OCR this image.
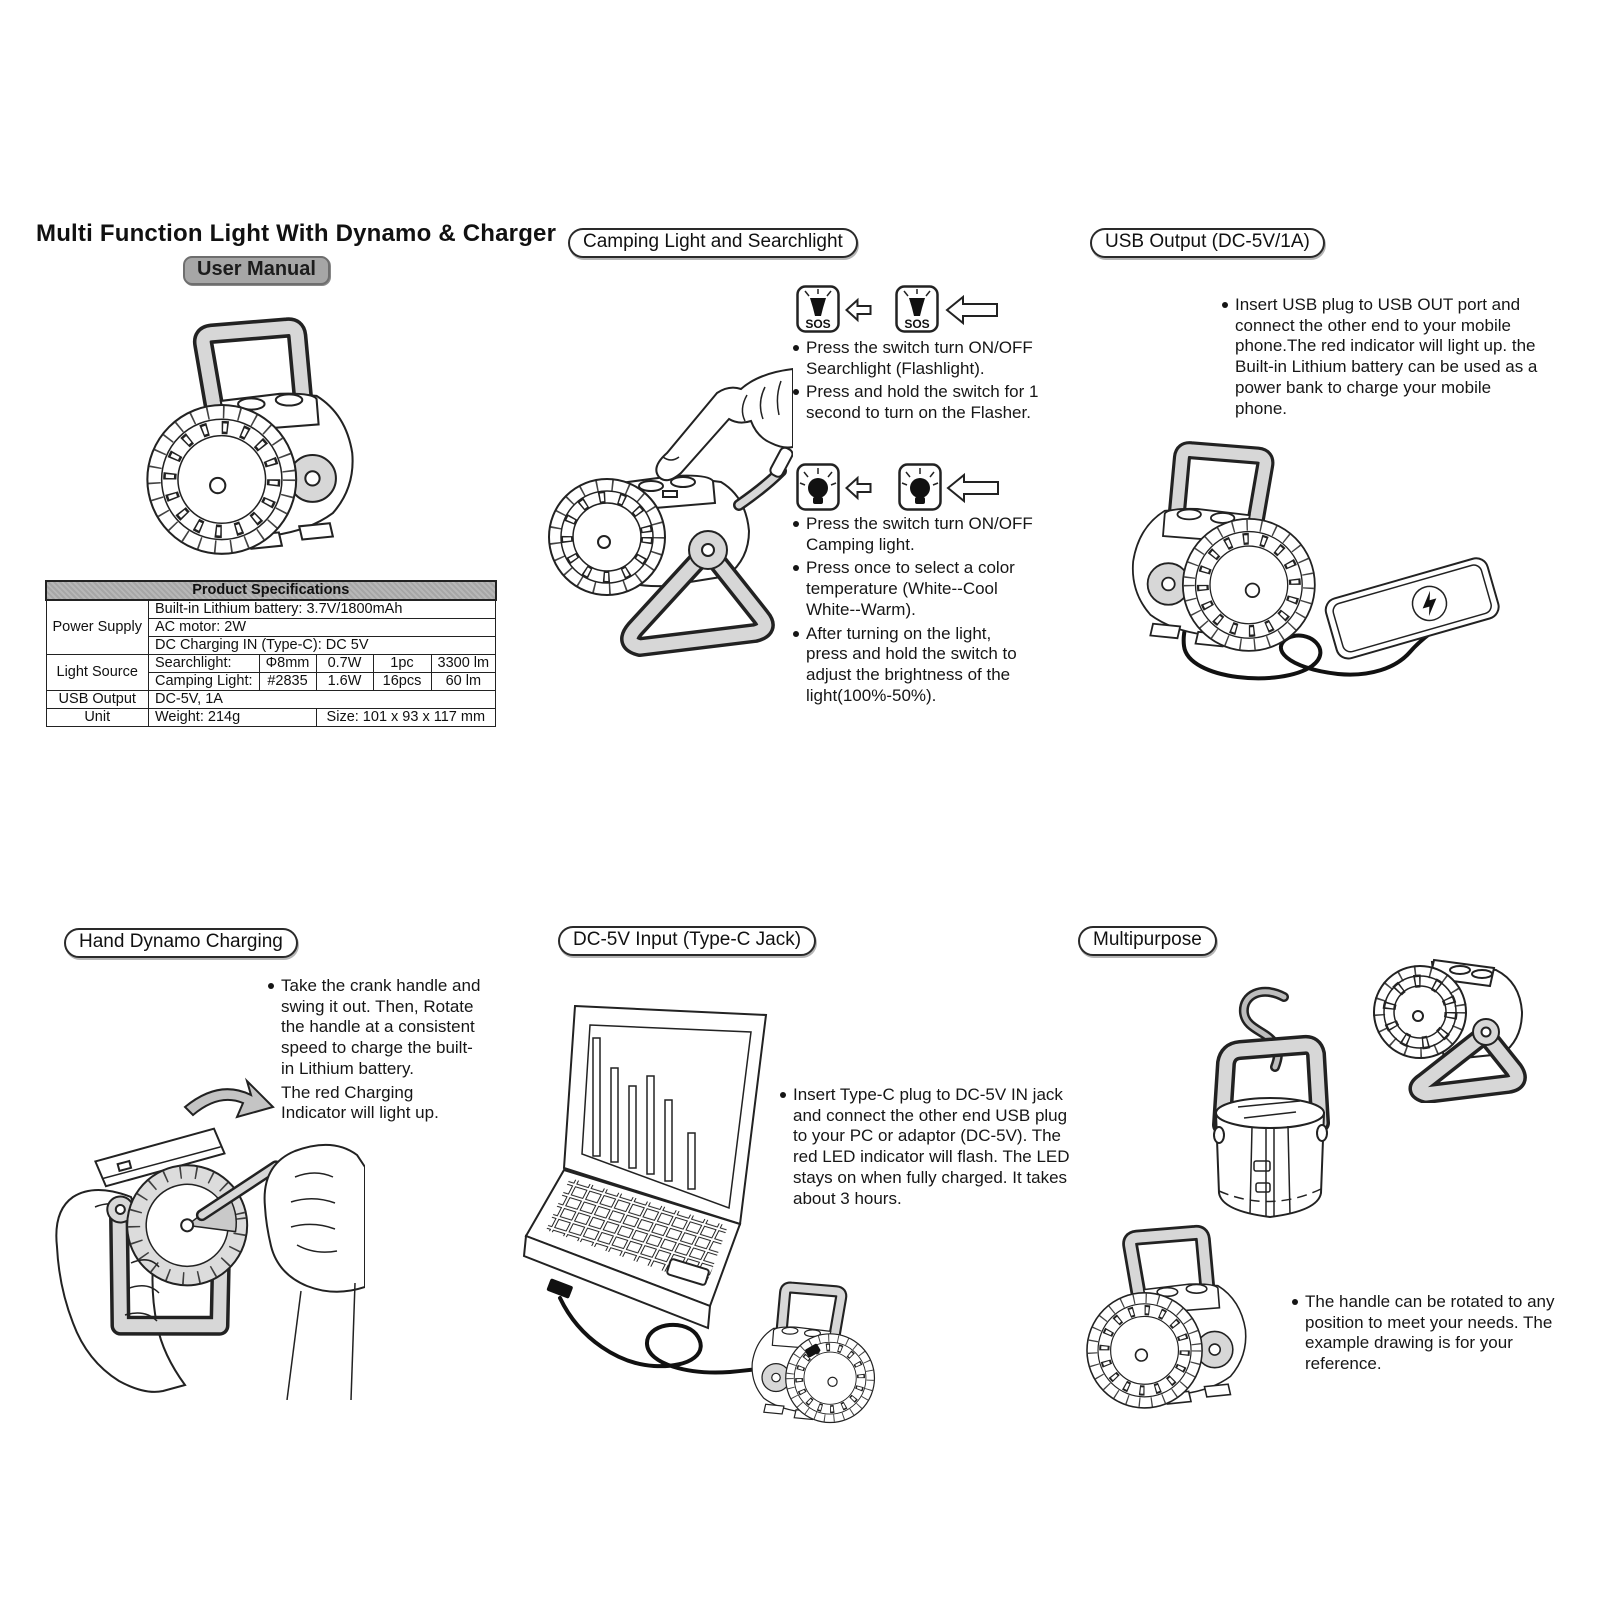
Multi Function Light With Dynamo & Charger
User Manual
Product Specifications					
Power Supply	Built-in Lithium battery: 3.7V/1800mAh				
	AC motor: 2W				
	DC Charging IN (Type-C): DC 5V				
Light Source	Searchlight:	Φ8mm	0.7W	1pc	3300 lm
	Camping Light:	#2835	1.6W	16pcs	60 lm
USB Output	DC-5V, 1A				
Unit	Weight: 214g		Size: 101 x 93 x 117 mm		
Camping Light and Searchlight
SOS	SOS
Press the switch turn ON/OFF Searchlight (Flashlight).
Press and hold the switch for 1 second to turn on the Flasher.
Press the switch turn ON/OFF Camping light.
Press once to select a color temperature (White--Cool White--Warm).
After turning on the light, press and hold the switch to adjust the brightness of the light(100%-50%).
USB Output (DC-5V/1A)
Insert USB plug to USB OUT port and connect the other end to your mobile phone.The red indicator will light up. the Built-in Lithium battery can be used as a power bank to charge your mobile phone.
Hand Dynamo Charging
Take the crank handle and swing it out. Then, Rotate the handle at a consistent speed to charge the built-in Lithium battery.
The red Charging Indicator will light up.
DC-5V Input (Type-C Jack)
Insert Type-C plug to DC-5V IN jack and connect the other end USB plug to your PC or adaptor (DC-5V). The red LED indicator will flash. The LED stays on when fully charged. It takes about 3 hours.
Multipurpose
The handle can be rotated to any position to meet your needs. The example drawing is for your reference.
